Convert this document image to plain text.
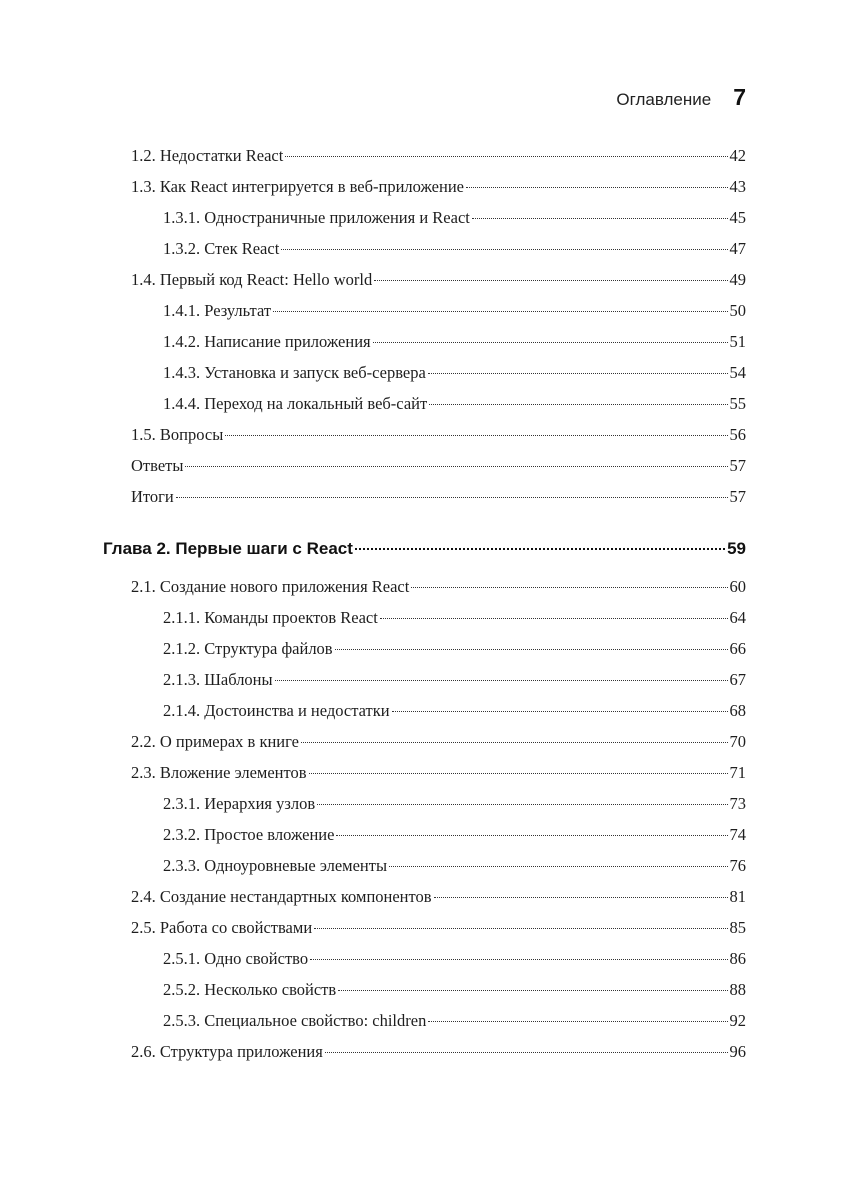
Оглавление 7
1.2. Недостатки React	42
1.3. Как React интегрируется в веб-приложение	43
1.3.1. Одностраничные приложения и React	45
1.3.2. Стек React	47
1.4. Первый код React: Hello world	49
1.4.1. Результат	50
1.4.2. Написание приложения	51
1.4.3. Установка и запуск веб-сервера	54
1.4.4. Переход на локальный веб-сайт	55
1.5. Вопросы	56
Ответы	57
Итоги	57
Глава 2. Первые шаги с React	59
2.1. Создание нового приложения React	60
2.1.1. Команды проектов React	64
2.1.2. Структура файлов	66
2.1.3. Шаблоны	67
2.1.4. Достоинства и недостатки	68
2.2. О примерах в книге	70
2.3. Вложение элементов	71
2.3.1. Иерархия узлов	73
2.3.2. Простое вложение	74
2.3.3. Одноуровневые элементы	76
2.4. Создание нестандартных компонентов	81
2.5. Работа со свойствами	85
2.5.1. Одно свойство	86
2.5.2. Несколько свойств	88
2.5.3. Специальное свойство: children	92
2.6. Структура приложения	96
